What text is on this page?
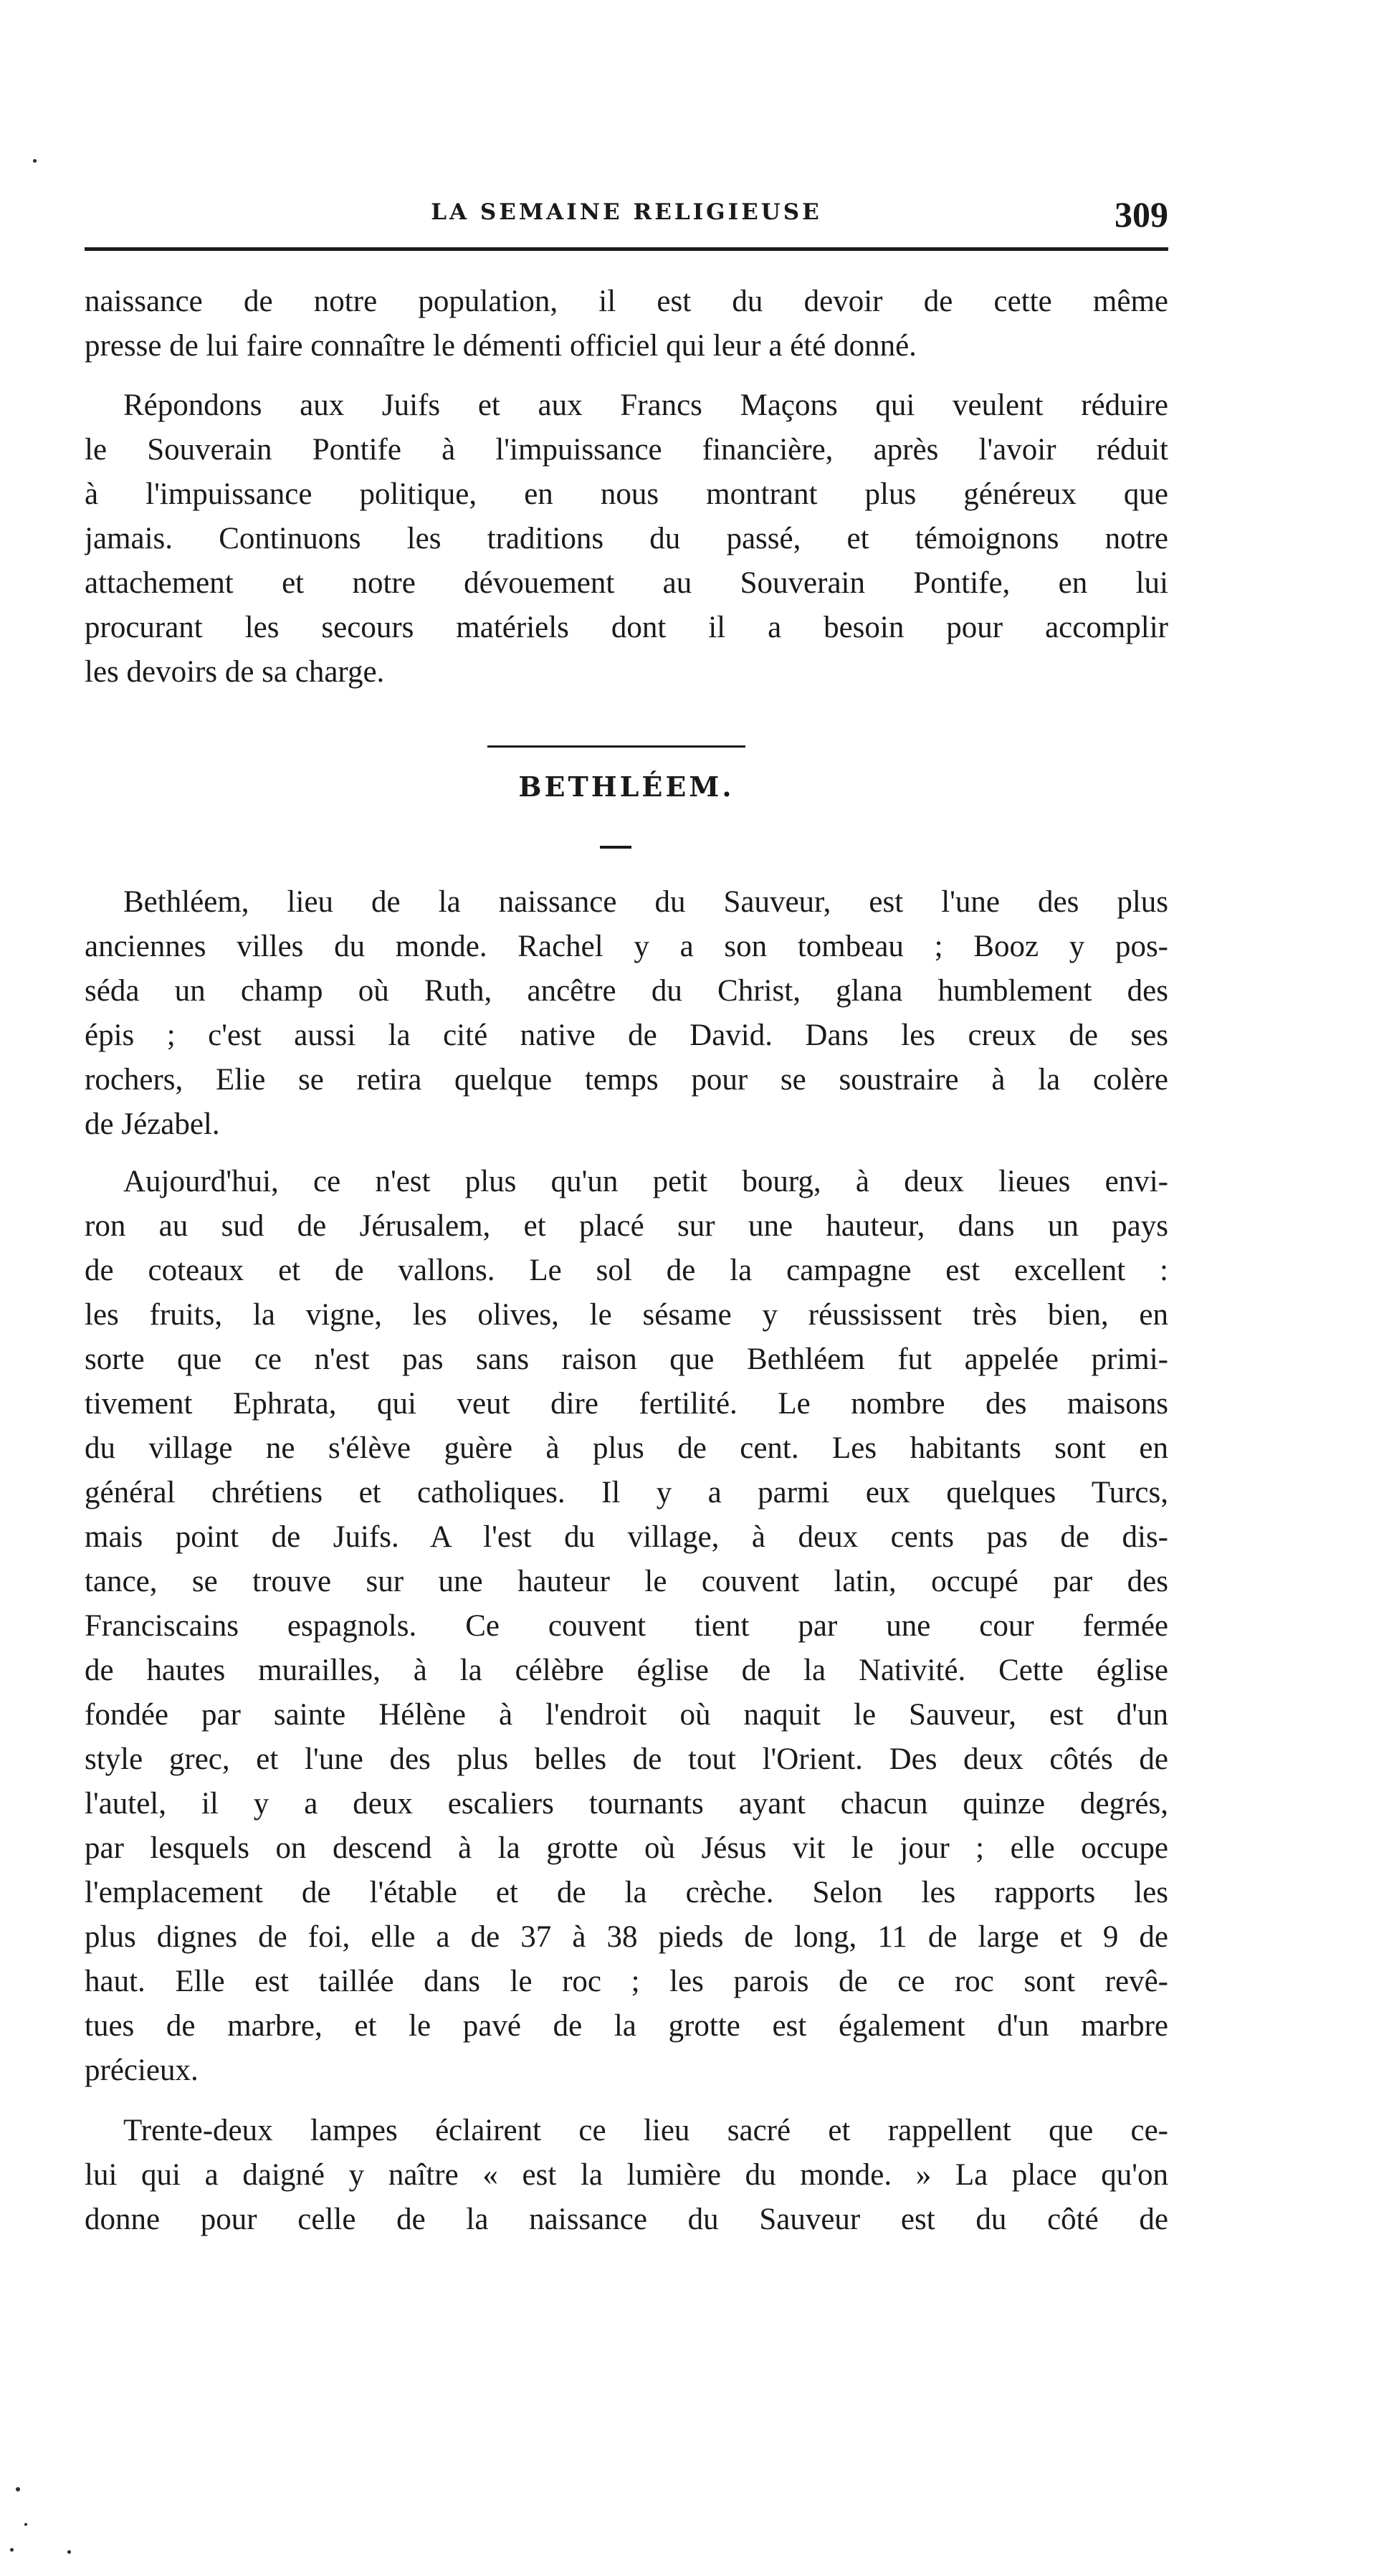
LA SEMAINE RELIGIEUSE	309
naissance de notre population, il est du devoir de cette même
presse de lui faire connaître le démenti officiel qui leur a été donné.
Répondons aux Juifs et aux Francs Maçons qui veulent réduire
le Souverain Pontife à l'impuissance financière, après l'avoir réduit
à l'impuissance politique, en nous montrant plus généreux que
jamais. Continuons les traditions du passé, et témoignons notre
attachement et notre dévouement au Souverain Pontife, en lui
procurant les secours matériels dont il a besoin pour accomplir
les devoirs de sa charge.
BETHLÉEM.
Bethléem, lieu de la naissance du Sauveur, est l'une des plus
anciennes villes du monde. Rachel y a son tombeau ; Booz y pos-
séda un champ où Ruth, ancêtre du Christ, glana humblement des
épis ; c'est aussi la cité native de David. Dans les creux de ses
rochers, Elie se retira quelque temps pour se soustraire à la colère
de Jézabel.
Aujourd'hui, ce n'est plus qu'un petit bourg, à deux lieues envi-
ron au sud de Jérusalem, et placé sur une hauteur, dans un pays
de coteaux et de vallons. Le sol de la campagne est excellent :
les fruits, la vigne, les olives, le sésame y réussissent très bien, en
sorte que ce n'est pas sans raison que Bethléem fut appelée primi-
tivement Ephrata, qui veut dire fertilité. Le nombre des maisons
du village ne s'élève guère à plus de cent. Les habitants sont en
général chrétiens et catholiques. Il y a parmi eux quelques Turcs,
mais point de Juifs. A l'est du village, à deux cents pas de dis-
tance, se trouve sur une hauteur le couvent latin, occupé par des
Franciscains espagnols. Ce couvent tient par une cour fermée
de hautes murailles, à la célèbre église de la Nativité. Cette église
fondée par sainte Hélène à l'endroit où naquit le Sauveur, est d'un
style grec, et l'une des plus belles de tout l'Orient. Des deux côtés de
l'autel, il y a deux escaliers tournants ayant chacun quinze degrés,
par lesquels on descend à la grotte où Jésus vit le jour ; elle occupe
l'emplacement de l'étable et de la crèche. Selon les rapports les
plus dignes de foi, elle a de 37 à 38 pieds de long, 11 de large et 9 de
haut. Elle est taillée dans le roc ; les parois de ce roc sont revê-
tues de marbre, et le pavé de la grotte est également d'un marbre
précieux.
Trente-deux lampes éclairent ce lieu sacré et rappellent que ce-
lui qui a daigné y naître « est la lumière du monde. » La place qu'on
donne pour celle de la naissance du Sauveur est du côté de
